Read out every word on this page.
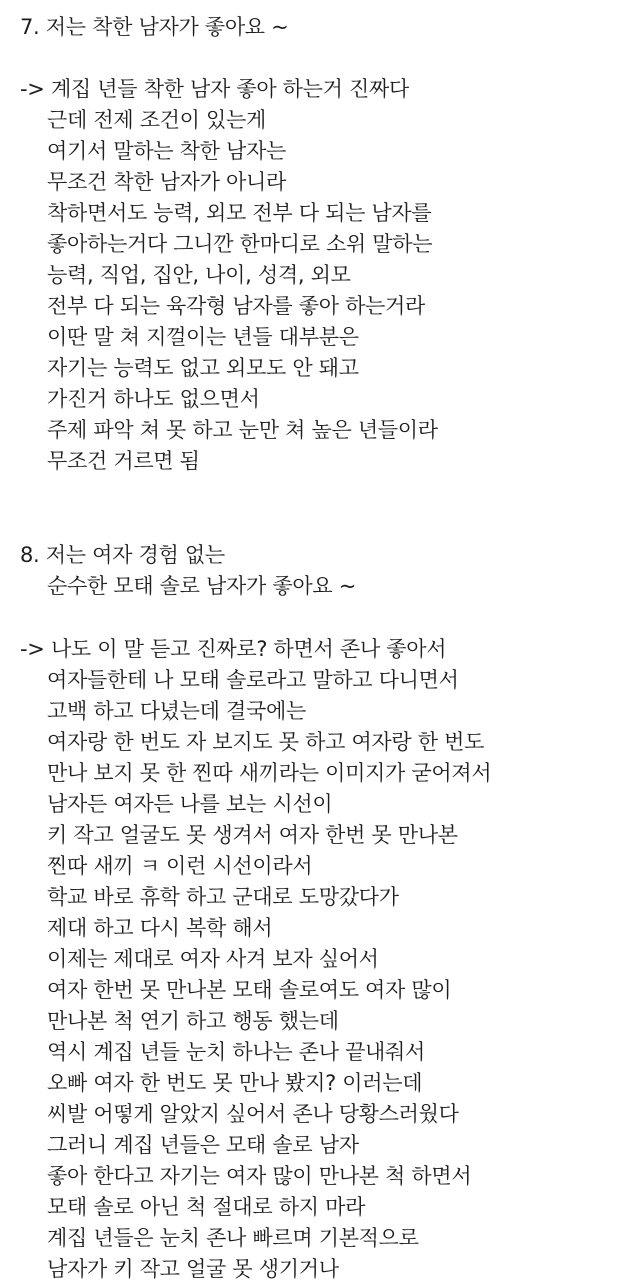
7. 저는 착한 남자가 좋아요 ~
-> 계집 년들 착한 남자 좋아 하는거 진짜다
근데 전제 조건이 있는게
여기서 말하는 착한 남자는
무조건 착한 남자가 아니라
착하면서도 능력, 외모 전부 다 되는 남자를
좋아하는거다 그니깐 한마디로 소위 말하는
능력, 직업, 집안, 나이, 성격, 외모
전부 다 되는 육각형 남자를 좋아 하는거라
이딴 말 쳐 지껄이는 년들 대부분은
자기는 능력도 없고 외모도 안 돼고
가진거 하나도 없으면서
주제 파악 쳐 못 하고 눈만 쳐 높은 년들이라
무조건 거르면 됨
8. 저는 여자 경험 없는
순수한 모태 솔로 남자가 좋아요 ~
-> 나도 이 말 듣고 진짜로? 하면서 존나 좋아서
여자들한테 나 모태 솔로라고 말하고 다니면서
고백 하고 다녔는데 결국에는
여자랑 한 번도 자 보지도 못 하고 여자랑 한 번도
만나 보지 못 한 찐따 새끼라는 이미지가 굳어져서
남자든 여자든 나를 보는 시선이
키 작고 얼굴도 못 생겨서 여자 한번 못 만나본
찐따 새끼 ㅋ 이런 시선이라서
학교 바로 휴학 하고 군대로 도망갔다가
제대 하고 다시 복학 해서
이제는 제대로 여자 사겨 보자 싶어서
여자 한번 못 만나본 모태 솔로여도 여자 많이
만나본 척 연기 하고 행동 했는데
역시 계집 년들 눈치 하나는 존나 끝내줘서
오빠 여자 한 번도 못 만나 봤지? 이러는데
씨발 어떻게 알았지 싶어서 존나 당황스러웠다
그러니 계집 년들은 모태 솔로 남자
좋아 한다고 자기는 여자 많이 만나본 척 하면서
모태 솔로 아닌 척 절대로 하지 마라
계집 년들은 눈치 존나 빠르며 기본적으로
남자가 키 작고 얼굴 못 생기거나
